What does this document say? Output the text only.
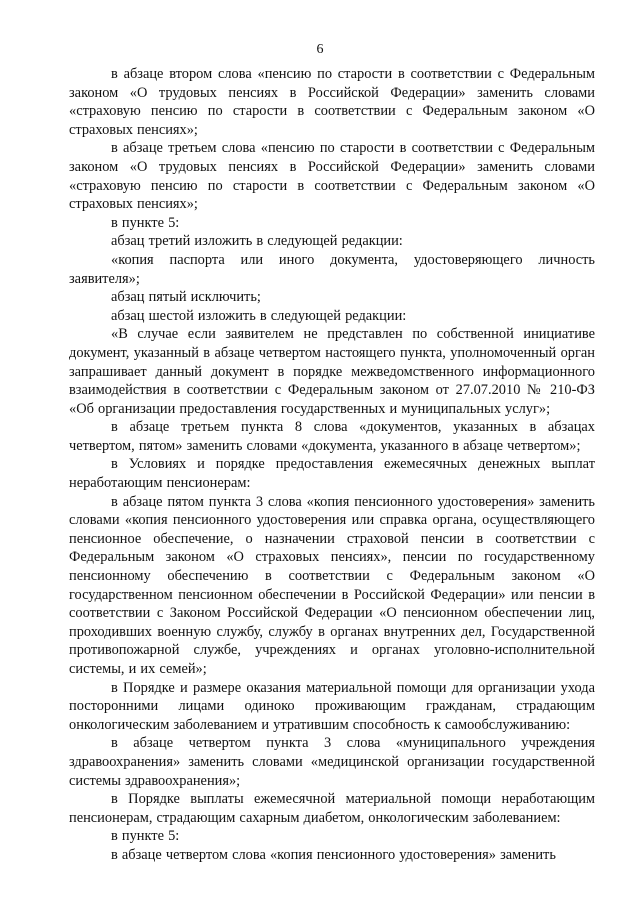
6

в абзаце втором слова «пенсию по старости в соответствии с Федеральным законом «О трудовых пенсиях в Российской Федерации» заменить словами «страховую пенсию по старости в соответствии с Федеральным законом «О страховых пенсиях»;

в абзаце третьем слова «пенсию по старости в соответствии с Федеральным законом «О трудовых пенсиях в Российской Федерации» заменить словами «страховую пенсию по старости в соответствии с Федеральным законом «О страховых пенсиях»;

в пункте 5:

абзац третий изложить в следующей редакции:

«копия паспорта или иного документа, удостоверяющего личность заявителя»;

абзац пятый исключить;

абзац шестой изложить в следующей редакции:

«В случае если заявителем не представлен по собственной инициативе документ, указанный в абзаце четвертом настоящего пункта, уполномоченный орган запрашивает данный документ в порядке межведомственного информационного взаимодействия в соответствии с Федеральным законом от 27.07.2010 № 210-ФЗ «Об организации предоставления государственных и муниципальных услуг»;

в абзаце третьем пункта 8 слова «документов, указанных в абзацах четвертом, пятом» заменить словами «документа, указанного в абзаце четвертом»;

в Условиях и порядке предоставления ежемесячных денежных выплат неработающим пенсионерам:

в абзаце пятом пункта 3 слова «копия пенсионного удостоверения» заменить словами «копия пенсионного удостоверения или справка органа, осуществляющего пенсионное обеспечение, о назначении страховой пенсии в соответствии с Федеральным законом «О страховых пенсиях», пенсии по государственному пенсионному обеспечению в соответствии с Федеральным законом «О государственном пенсионном обеспечении в Российской Федерации» или пенсии в соответствии с Законом Российской Федерации «О пенсионном обеспечении лиц, проходивших военную службу, службу в органах внутренних дел, Государственной противопожарной службе, учреждениях и органах уголовно-исполнительной системы, и их семей»;

в Порядке и размере оказания материальной помощи для организации ухода посторонними лицами одиноко проживающим гражданам, страдающим онкологическим заболеванием и утратившим способность к самообслуживанию:

в абзаце четвертом пункта 3 слова «муниципального учреждения здравоохранения» заменить словами «медицинской организации государственной системы здравоохранения»;

в Порядке выплаты ежемесячной материальной помощи неработающим пенсионерам, страдающим сахарным диабетом, онкологическим заболеванием:

в пункте 5:

в абзаце четвертом слова «копия пенсионного удостоверения» заменить
